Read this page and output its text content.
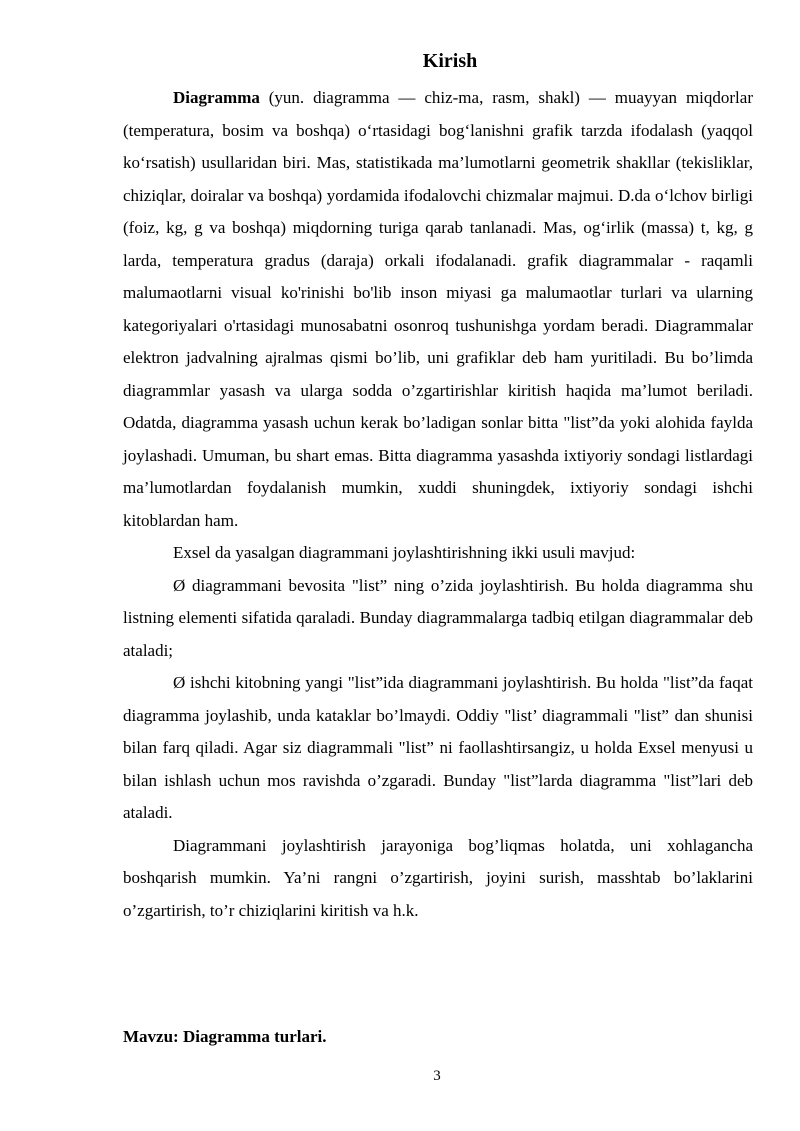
Kirish

Diagramma (yun. diagramma — chiz-ma, rasm, shakl) — muayyan miqdorlar (temperatura, bosim va boshqa) oʻrtasidagi bogʻlanishni grafik tarzda ifodalash (yaqqol koʻrsatish) usullaridan biri. Mas, statistikada ma’lumotlarni geometrik shakllar (tekisliklar, chiziqlar, doiralar va boshqa) yordamida ifodalovchi chizmalar majmui. D.da oʻlchov birligi (foiz, kg, g va boshqa) miqdorning turiga qarab tanlanadi. Mas, ogʻirlik (massa) t, kg, g larda, temperatura gradus (daraja) orkali ifodalanadi. grafik diagrammalar - raqamli malumaotlarni visual ko'rinishi bo'lib inson miyasi ga malumaotlar turlari va ularning kategoriyalari o'rtasidagi munosabatni osonroq tushunishga yordam beradi. Diagrammalar elektron jadvalning ajralmas qismi bo’lib, uni grafiklar deb ham yuritiladi. Bu bo’limda diagrammlar yasash va ularga sodda o’zgartirishlar kiritish haqida ma’lumot beriladi. Odatda, diagramma yasash uchun kerak bo’ladigan sonlar bitta "list”da yoki alohida faylda joylashadi. Umuman, bu shart emas. Bitta diagramma yasashda ixtiyoriy sondagi listlardagi ma’lumotlardan foydalanish mumkin, xuddi shuningdek, ixtiyoriy sondagi ishchi kitoblardan ham.

Exsel da yasalgan diagrammani joylashtirishning ikki usuli mavjud:

Ø diagrammani bevosita "list” ning o’zida joylashtirish. Bu holda diagramma shu listning elementi sifatida qaraladi. Bunday diagrammalarga tadbiq etilgan diagrammalar deb ataladi;

Ø ishchi kitobning yangi "list”ida diagrammani joylashtirish. Bu holda "list”da faqat diagramma joylashib, unda kataklar bo’lmaydi. Oddiy "list’ diagrammali "list” dan shunisi bilan farq qiladi. Agar siz diagrammali "list” ni faollashtirsangiz, u holda Exsel menyusi u bilan ishlash uchun mos ravishda o’zgaradi. Bunday "list”larda diagramma "list”lari deb ataladi.

Diagrammani joylashtirish jarayoniga bog’liqmas holatda, uni xohlagancha boshqarish mumkin. Ya’ni rangni o’zgartirish, joyini surish, masshtab bo’laklarini o’zgartirish, to’r chiziqlarini kiritish va h.k.

Mavzu: Diagramma turlari.
3
